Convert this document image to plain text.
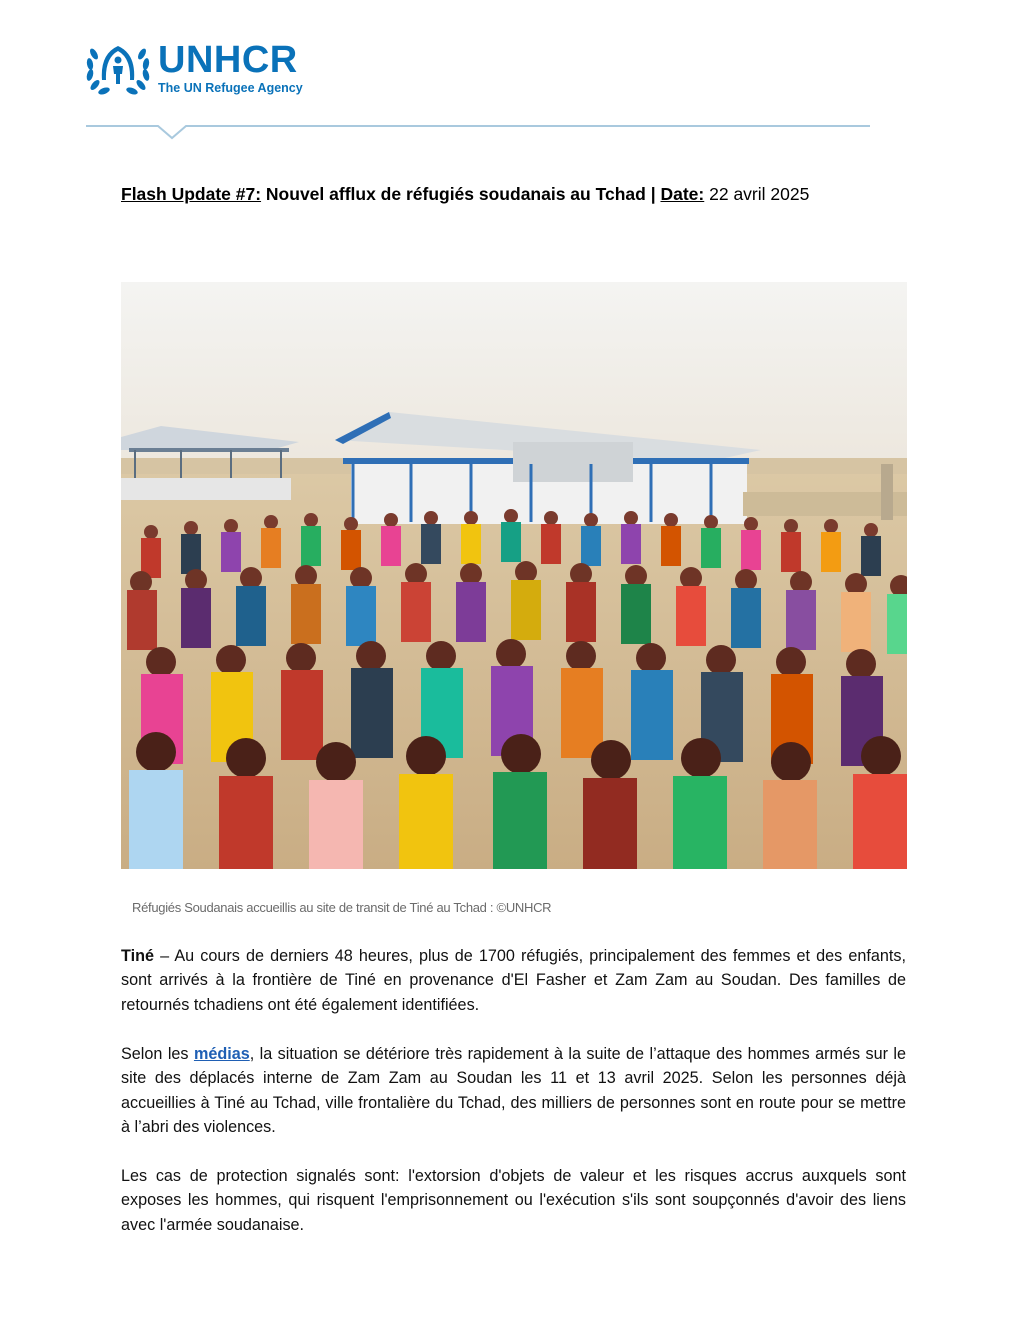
UNHCR
The UN Refugee Agency
Flash Update #7: Nouvel afflux de réfugiés soudanais au Tchad | Date: 22 avril 2025
Réfugiés Soudanais accueillis au site de transit de Tiné au Tchad : ©UNHCR
Tiné – Au cours de derniers 48 heures, plus de 1700 réfugiés, principalement des femmes et des enfants, sont arrivés à la frontière de Tiné en provenance d'El Fasher et Zam Zam au Soudan. Des familles de retournés tchadiens ont été également identifiées.
Selon les médias, la situation se détériore très rapidement à la suite de l’attaque des hommes armés sur le site des déplacés interne de Zam Zam au Soudan les 11 et 13 avril 2025. Selon les personnes déjà accueillies à Tiné au Tchad, ville frontalière du Tchad, des milliers de personnes sont en route pour se mettre à l’abri des violences.
Les cas de protection signalés sont: l'extorsion d'objets de valeur et les risques accrus auxquels sont exposes les hommes, qui risquent l'emprisonnement ou l'exécution s'ils sont soupçonnés d'avoir des liens avec l'armée soudanaise.
